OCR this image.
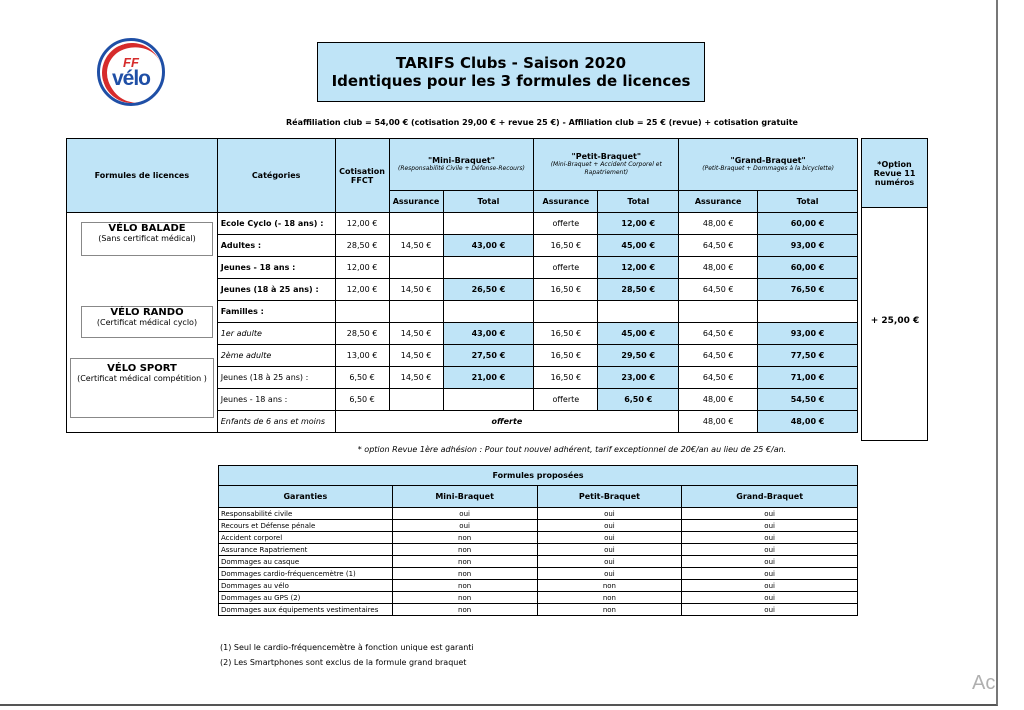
FF
vélo
TARIFS Clubs - Saison 2020
Identiques pour les 3 formules de licences
Réaffiliation club = 54,00 € (cotisation 29,00 € + revue 25 €) - Affiliation club = 25 € (revue) + cotisation gratuite
Formules de licences	Catégories	Cotisation FFCT	"Mini-Braquet"
(Responsabilité Civile + Défense-Recours)		"Petit-Braquet"
(Mini-Braquet + Accident Corporel et Rapatriement)		"Grand-Braquet"
(Petit-Braquet + Dommages à la bicyclette)	

			Assurance	Total	Assurance	Total	Assurance	Total
	Ecole Cyclo (- 18 ans) :	12,00 €			offerte	12,00 €	48,00 €	60,00 €
	Adultes :	28,50 €	14,50 €	43,00 €	16,50 €	45,00 €	64,50 €	93,00 €
	Jeunes - 18 ans :	12,00 €			offerte	12,00 €	48,00 €	60,00 €
	Jeunes (18 à 25 ans) :	12,00 €	14,50 €	26,50 €	16,50 €	28,50 €	64,50 €	76,50 €
	Familles :							
	1er adulte	28,50 €	14,50 €	43,00 €	16,50 €	45,00 €	64,50 €	93,00 €
	2ème adulte	13,00 €	14,50 €	27,50 €	16,50 €	29,50 €	64,50 €	77,50 €
	Jeunes (18 à 25 ans) :	6,50 €	14,50 €	21,00 €	16,50 €	23,00 €	64,50 €	71,00 €
	Jeunes - 18 ans :	6,50 €			offerte	6,50 €	48,00 €	54,50 €
	Enfants de 6 ans et moins	offerte					48,00 €	48,00 €
VÉLO BALADE
(Sans certificat médical)
VÉLO RANDO
(Certificat médical cyclo)
VÉLO SPORT
(Certificat médical compétition )
*Option Revue 11 numéros

+ 25,00 €
* option Revue 1ère adhésion : Pour tout nouvel adhérent, tarif exceptionnel de 20€/an au lieu de 25 €/an.
Formules proposées			
Garanties	Mini-Braquet	Petit-Braquet	Grand-Braquet
Responsabilité civile	oui	oui	oui
Recours et Défense pénale	oui	oui	oui
Accident corporel	non	oui	oui
Assurance Rapatriement	non	oui	oui
Dommages au casque	non	oui	oui
Dommages cardio-fréquencemètre (1)	non	oui	oui
Dommages au vélo	non	non	oui
Dommages au GPS (2)	non	non	oui
Dommages aux équipements vestimentaires	non	non	oui
(1) Seul le cardio-fréquencemètre à fonction unique est garanti
(2) Les Smartphones sont exclus de la formule grand braquet
Ac
